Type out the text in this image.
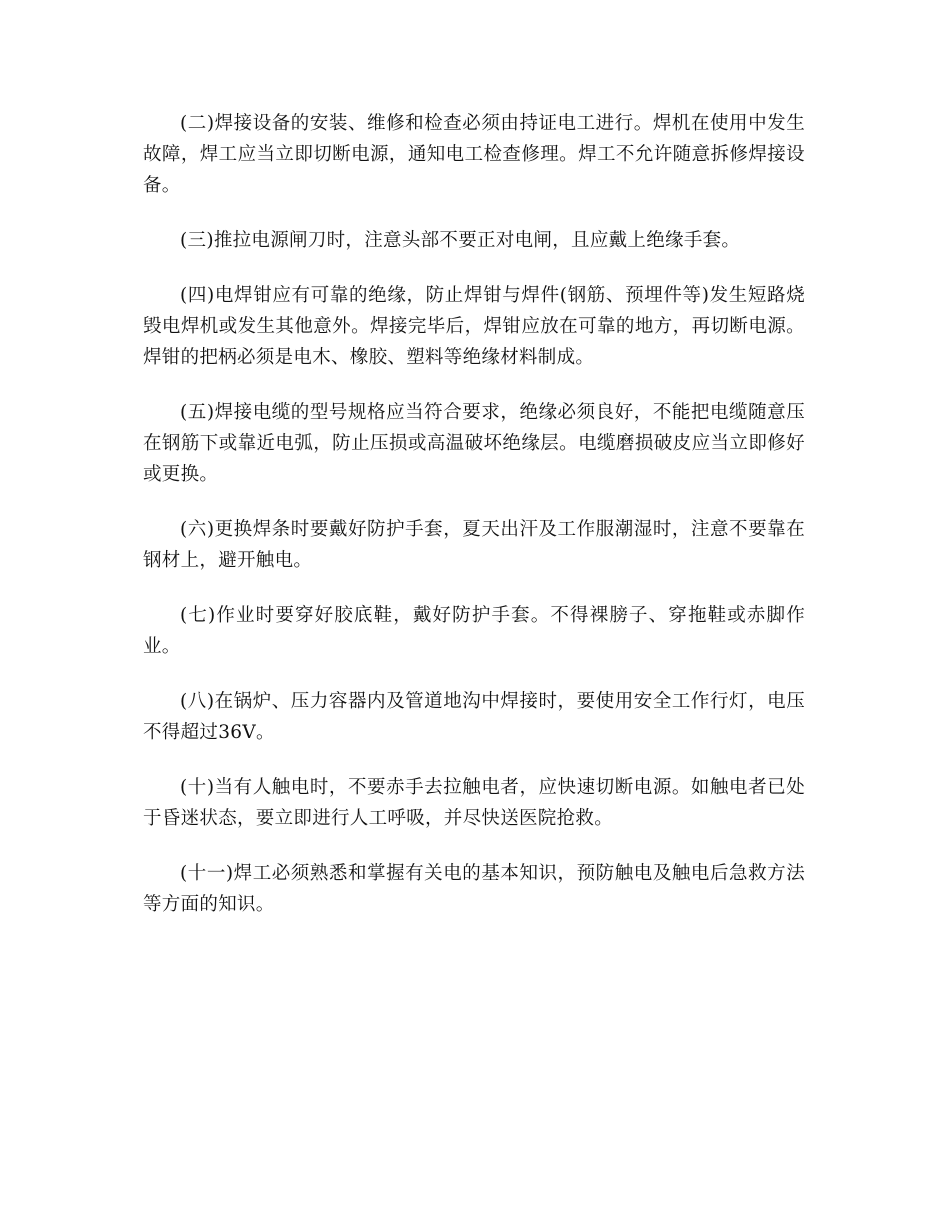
(二)焊接设备的安装、维修和检查必须由持证电工进行。焊机在使用中发生故障，焊工应当立即切断电源，通知电工检查修理。焊工不允许随意拆修焊接设备。

(三)推拉电源闸刀时，注意头部不要正对电闸，且应戴上绝缘手套。

(四)电焊钳应有可靠的绝缘，防止焊钳与焊件(钢筋、预埋件等)发生短路烧毁电焊机或发生其他意外。焊接完毕后，焊钳应放在可靠的地方，再切断电源。焊钳的把柄必须是电木、橡胶、塑料等绝缘材料制成。

(五)焊接电缆的型号规格应当符合要求，绝缘必须良好，不能把电缆随意压在钢筋下或靠近电弧，防止压损或高温破坏绝缘层。电缆磨损破皮应当立即修好或更换。

(六)更换焊条时要戴好防护手套，夏天出汗及工作服潮湿时，注意不要靠在钢材上，避开触电。

(七)作业时要穿好胶底鞋，戴好防护手套。不得裸膀子、穿拖鞋或赤脚作业。

(八)在锅炉、压力容器内及管道地沟中焊接时，要使用安全工作行灯，电压不得超过36V。

(十)当有人触电时，不要赤手去拉触电者，应快速切断电源。如触电者已处于昏迷状态，要立即进行人工呼吸，并尽快送医院抢救。

(十一)焊工必须熟悉和掌握有关电的基本知识，预防触电及触电后急救方法等方面的知识。
